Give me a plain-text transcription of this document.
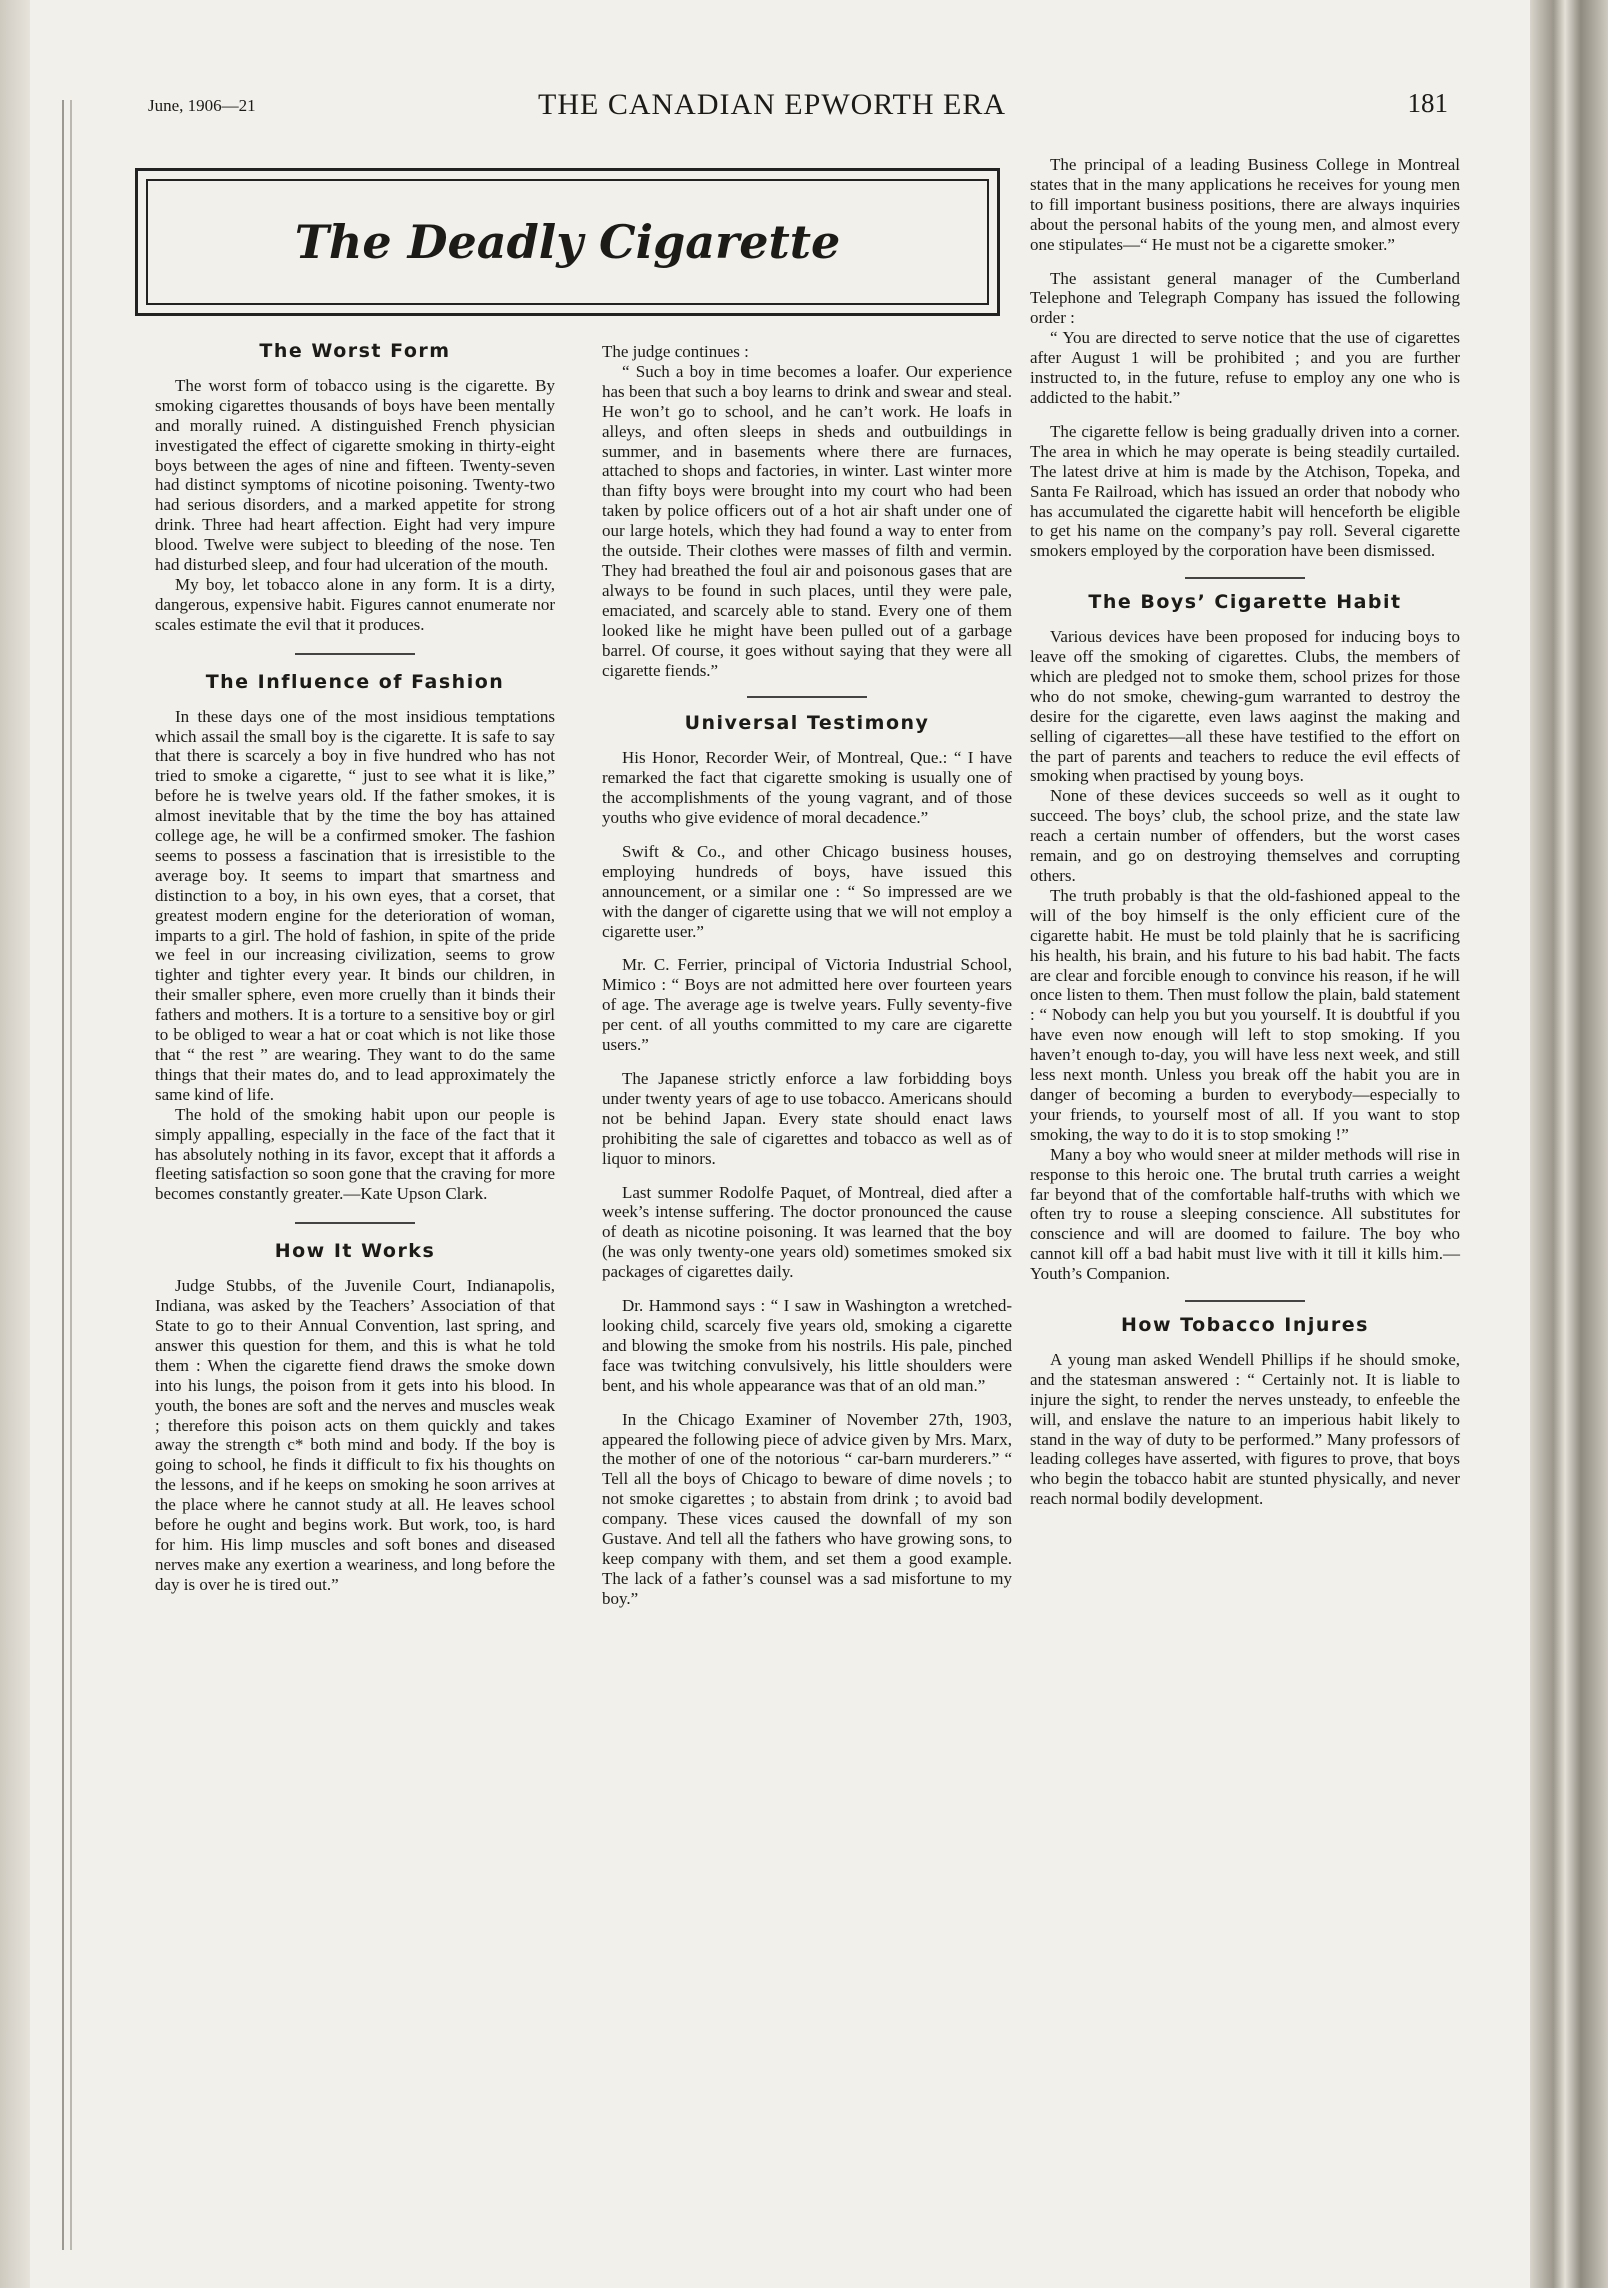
June, 1906—21	THE CANADIAN EPWORTH ERA	181
The Deadly Cigarette
The Worst Form

The worst form of tobacco using is the cigarette. By smoking cigarettes thousands of boys have been mentally and morally ruined. A distinguished French physician investigated the effect of cigarette smoking in thirty-eight boys between the ages of nine and fifteen. Twenty-seven had distinct symptoms of nicotine poisoning. Twenty-two had serious disorders, and a marked appetite for strong drink. Three had heart affection. Eight had very impure blood. Twelve were subject to bleeding of the nose. Ten had disturbed sleep, and four had ulceration of the mouth.

My boy, let tobacco alone in any form. It is a dirty, dangerous, expensive habit. Figures cannot enumerate nor scales estimate the evil that it produces.

The Influence of Fashion

In these days one of the most insidious temptations which assail the small boy is the cigarette. It is safe to say that there is scarcely a boy in five hundred who has not tried to smoke a cigarette, “ just to see what it is like,” before he is twelve years old. If the father smokes, it is almost inevitable that by the time the boy has attained college age, he will be a confirmed smoker. The fashion seems to possess a fascination that is irresistible to the average boy. It seems to impart that smartness and distinction to a boy, in his own eyes, that a corset, that greatest modern engine for the deterioration of woman, imparts to a girl. The hold of fashion, in spite of the pride we feel in our increasing civilization, seems to grow tighter and tighter every year. It binds our children, in their smaller sphere, even more cruelly than it binds their fathers and mothers. It is a torture to a sensitive boy or girl to be obliged to wear a hat or coat which is not like those that “ the rest ” are wearing. They want to do the same things that their mates do, and to lead approximately the same kind of life.

The hold of the smoking habit upon our people is simply appalling, especially in the face of the fact that it has absolutely nothing in its favor, except that it affords a fleeting satisfaction so soon gone that the craving for more becomes constantly greater.—Kate Upson Clark.

How It Works

Judge Stubbs, of the Juvenile Court, Indianapolis, Indiana, was asked by the Teachers’ Association of that State to go to their Annual Convention, last spring, and answer this question for them, and this is what he told them : When the cigarette fiend draws the smoke down into his lungs, the poison from it gets into his blood. In youth, the bones are soft and the nerves and muscles weak ; therefore this poison acts on them quickly and takes away the strength c* both mind and body. If the boy is going to school, he finds it difficult to fix his thoughts on the lessons, and if he keeps on smoking he soon arrives at the place where he cannot study at all. He leaves school before he ought and begins work. But work, too, is hard for him. His limp muscles and soft bones and diseased nerves make any exertion a weariness, and long before the day is over he is tired out.”

The judge continues :

“ Such a boy in time becomes a loafer. Our experience has been that such a boy learns to drink and swear and steal. He won’t go to school, and he can’t work. He loafs in alleys, and often sleeps in sheds and outbuildings in summer, and in basements where there are furnaces, attached to shops and factories, in winter. Last winter more than fifty boys were brought into my court who had been taken by police officers out of a hot air shaft under one of our large hotels, which they had found a way to enter from the outside. Their clothes were masses of filth and vermin. They had breathed the foul air and poisonous gases that are always to be found in such places, until they were pale, emaciated, and scarcely able to stand. Every one of them looked like he might have been pulled out of a garbage barrel. Of course, it goes without saying that they were all cigarette fiends.”

Universal Testimony

His Honor, Recorder Weir, of Montreal, Que.: “ I have remarked the fact that cigarette smoking is usually one of the accomplishments of the young vagrant, and of those youths who give evidence of moral decadence.”

Swift & Co., and other Chicago business houses, employing hundreds of boys, have issued this announcement, or a similar one : “ So impressed are we with the danger of cigarette using that we will not employ a cigarette user.”

Mr. C. Ferrier, principal of Victoria Industrial School, Mimico : “ Boys are not admitted here over fourteen years of age. The average age is twelve years. Fully seventy-five per cent. of all youths committed to my care are cigarette users.”

The Japanese strictly enforce a law forbidding boys under twenty years of age to use tobacco. Americans should not be behind Japan. Every state should enact laws prohibiting the sale of cigarettes and tobacco as well as of liquor to minors.

Last summer Rodolfe Paquet, of Montreal, died after a week’s intense suffering. The doctor pronounced the cause of death as nicotine poisoning. It was learned that the boy (he was only twenty-one years old) sometimes smoked six packages of cigarettes daily.

Dr. Hammond says : “ I saw in Washington a wretched-looking child, scarcely five years old, smoking a cigarette and blowing the smoke from his nostrils. His pale, pinched face was twitching convulsively, his little shoulders were bent, and his whole appearance was that of an old man.”

In the Chicago Examiner of November 27th, 1903, appeared the following piece of advice given by Mrs. Marx, the mother of one of the notorious “ car-barn murderers.” “ Tell all the boys of Chicago to beware of dime novels ; to not smoke cigarettes ; to abstain from drink ; to avoid bad company. These vices caused the downfall of my son Gustave. And tell all the fathers who have growing sons, to keep company with them, and set them a good example. The lack of a father’s counsel was a sad misfortune to my boy.”

The principal of a leading Business College in Montreal states that in the many applications he receives for young men to fill important business positions, there are always inquiries about the personal habits of the young men, and almost every one stipulates—“ He must not be a cigarette smoker.”

The assistant general manager of the Cumberland Telephone and Telegraph Company has issued the following order :

“ You are directed to serve notice that the use of cigarettes after August 1 will be prohibited ; and you are further instructed to, in the future, refuse to employ any one who is addicted to the habit.”

The cigarette fellow is being gradually driven into a corner. The area in which he may operate is being steadily curtailed. The latest drive at him is made by the Atchison, Topeka, and Santa Fe Railroad, which has issued an order that nobody who has accumulated the cigarette habit will henceforth be eligible to get his name on the company’s pay roll. Several cigarette smokers employed by the corporation have been dismissed.

The Boys’ Cigarette Habit

Various devices have been proposed for inducing boys to leave off the smoking of cigarettes. Clubs, the members of which are pledged not to smoke them, school prizes for those who do not smoke, chewing-gum warranted to destroy the desire for the cigarette, even laws aaginst the making and selling of cigarettes—all these have testified to the effort on the part of parents and teachers to reduce the evil effects of smoking when practised by young boys.

None of these devices succeeds so well as it ought to succeed. The boys’ club, the school prize, and the state law reach a certain number of offenders, but the worst cases remain, and go on destroying themselves and corrupting others.

The truth probably is that the old-fashioned appeal to the will of the boy himself is the only efficient cure of the cigarette habit. He must be told plainly that he is sacrificing his health, his brain, and his future to his bad habit. The facts are clear and forcible enough to convince his reason, if he will once listen to them. Then must follow the plain, bald statement : “ Nobody can help you but you yourself. It is doubtful if you have even now enough will left to stop smoking. If you haven’t enough to-day, you will have less next week, and still less next month. Unless you break off the habit you are in danger of becoming a burden to everybody—especially to your friends, to yourself most of all. If you want to stop smoking, the way to do it is to stop smoking !”

Many a boy who would sneer at milder methods will rise in response to this heroic one. The brutal truth carries a weight far beyond that of the comfortable half-truths with which we often try to rouse a sleeping conscience. All substitutes for conscience and will are doomed to failure. The boy who cannot kill off a bad habit must live with it till it kills him.—Youth’s Companion.

How Tobacco Injures

A young man asked Wendell Phillips if he should smoke, and the statesman answered : “ Certainly not. It is liable to injure the sight, to render the nerves unsteady, to enfeeble the will, and enslave the nature to an imperious habit likely to stand in the way of duty to be performed.” Many professors of leading colleges have asserted, with figures to prove, that boys who begin the tobacco habit are stunted physically, and never reach normal bodily development.
